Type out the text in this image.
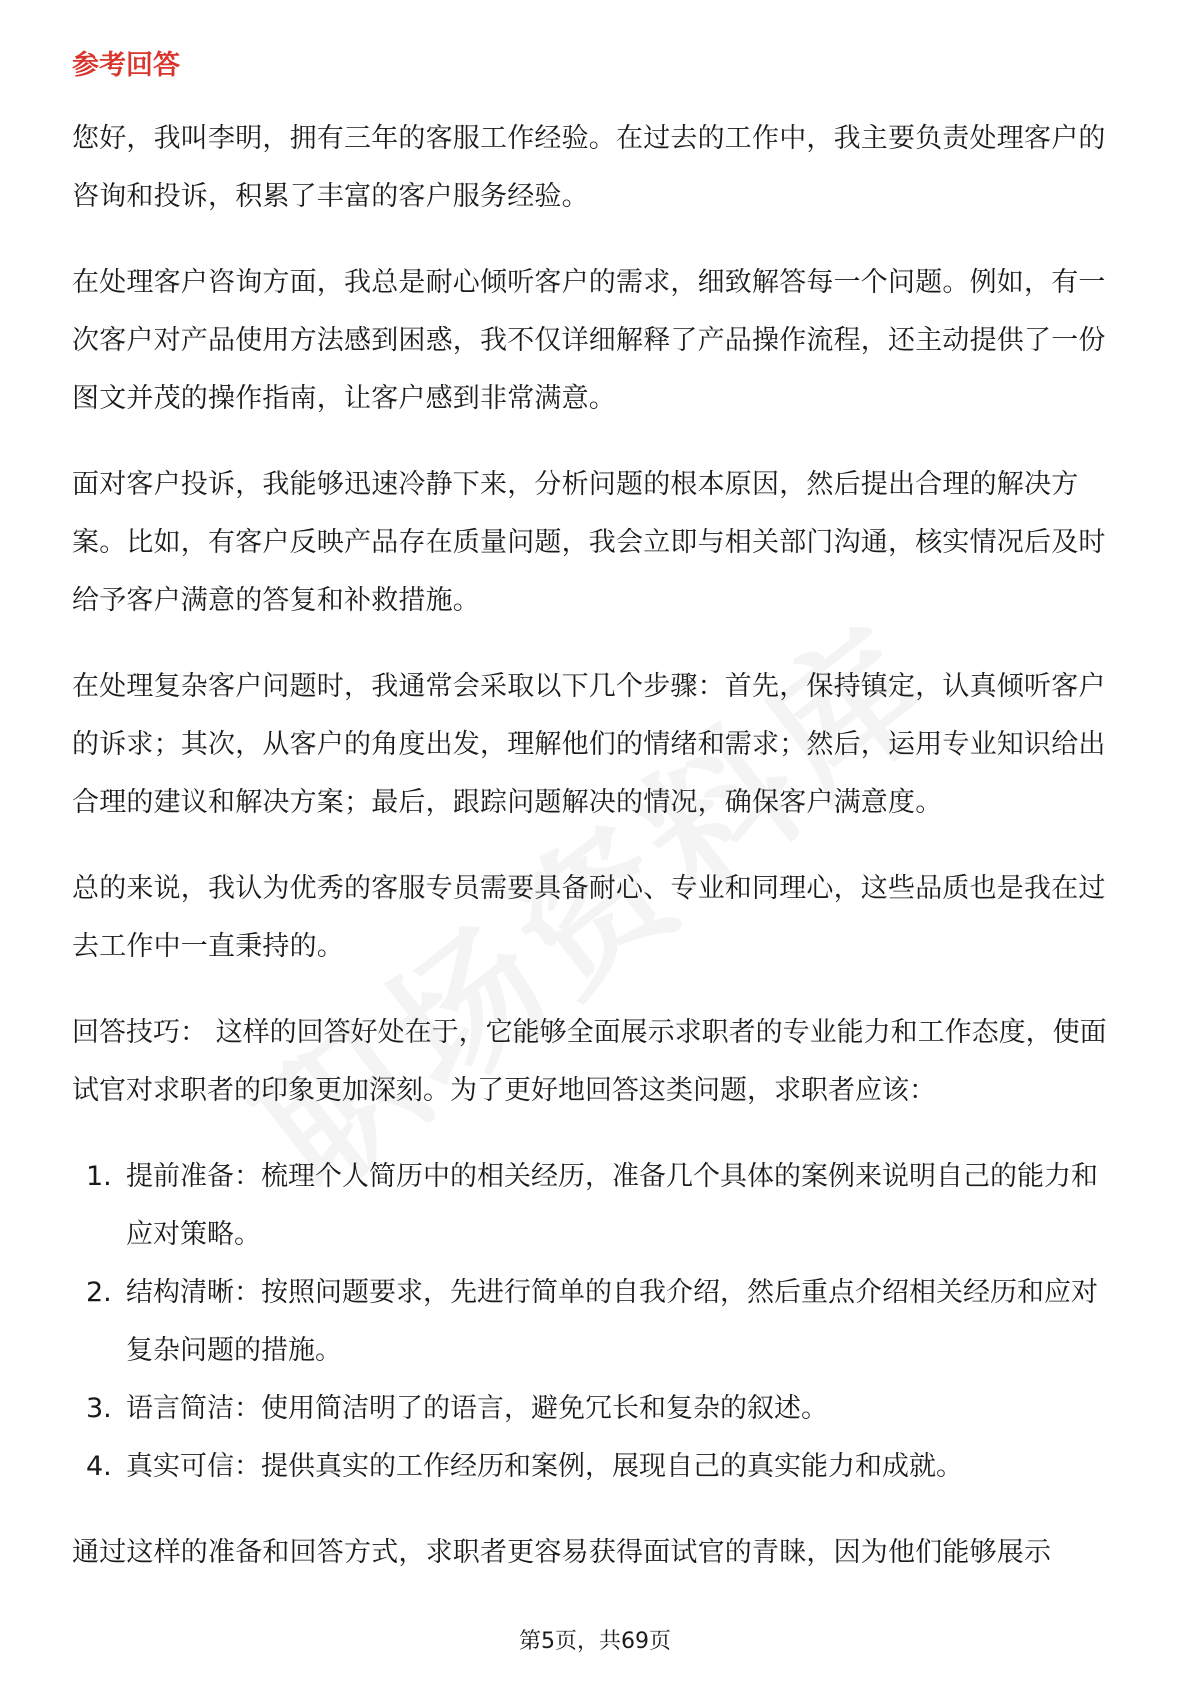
参考回答

您好，我叫李明，拥有三年的客服工作经验。在过去的工作中，我主要负责处理客户的咨询和投诉，积累了丰富的客户服务经验。

在处理客户咨询方面，我总是耐心倾听客户的需求，细致解答每一个问题。例如，有一次客户对产品使用方法感到困惑，我不仅详细解释了产品操作流程，还主动提供了一份图文并茂的操作指南，让客户感到非常满意。

面对客户投诉，我能够迅速冷静下来，分析问题的根本原因，然后提出合理的解决方案。比如，有客户反映产品存在质量问题，我会立即与相关部门沟通，核实情况后及时给予客户满意的答复和补救措施。

在处理复杂客户问题时，我通常会采取以下几个步骤：首先，保持镇定，认真倾听客户的诉求；其次，从客户的角度出发，理解他们的情绪和需求；然后，运用专业知识给出合理的建议和解决方案；最后，跟踪问题解决的情况，确保客户满意度。

总的来说，我认为优秀的客服专员需要具备耐心、专业和同理心，这些品质也是我在过去工作中一直秉持的。

回答技巧： 这样的回答好处在于，它能够全面展示求职者的专业能力和工作态度，使面试官对求职者的印象更加深刻。为了更好地回答这类问题，求职者应该：

1. 提前准备：梳理个人简历中的相关经历，准备几个具体的案例来说明自己的能力和应对策略。
2. 结构清晰：按照问题要求，先进行简单的自我介绍，然后重点介绍相关经历和应对复杂问题的措施。
3. 语言简洁：使用简洁明了的语言，避免冗长和复杂的叙述。
4. 真实可信：提供真实的工作经历和案例，展现自己的真实能力和成就。

通过这样的准备和回答方式，求职者更容易获得面试官的青睐，因为他们能够展示

第5页，共69页
